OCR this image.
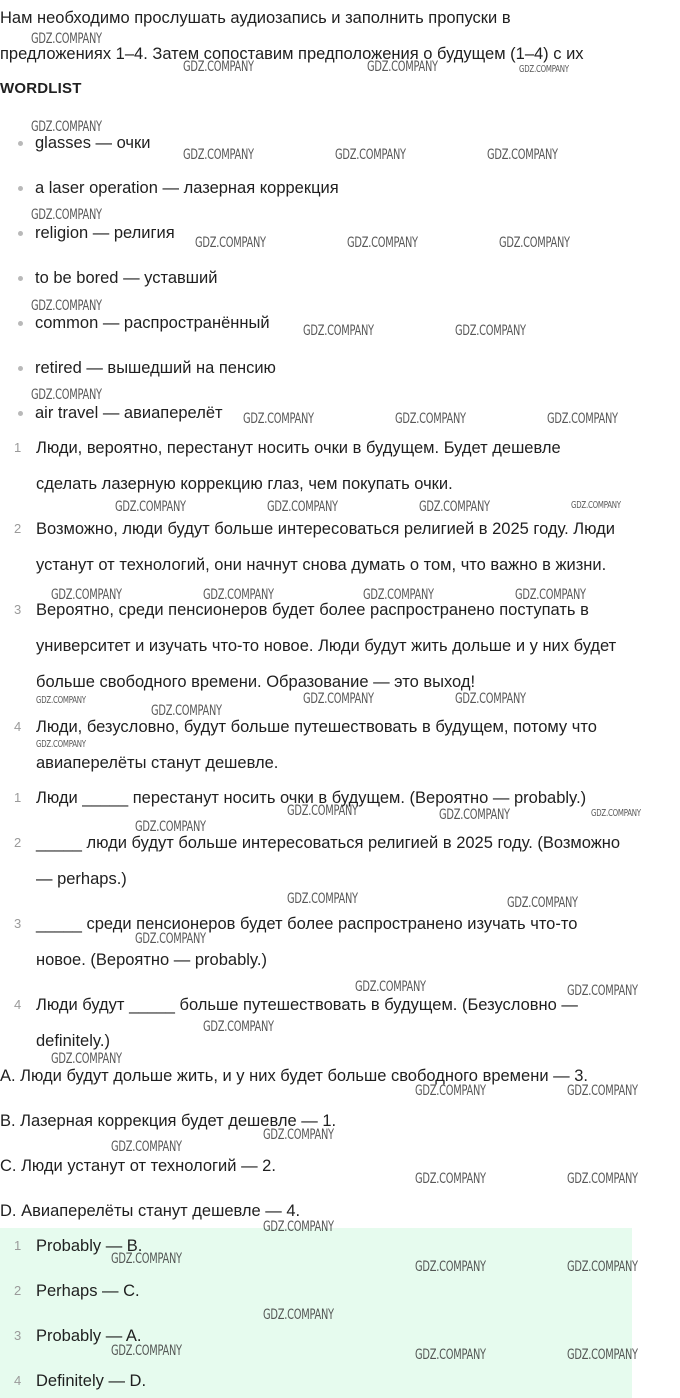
Нам необходимо прослушать аудиозапись и заполнить пропуски в
предложениях 1–4. Затем сопоставим предположения о будущем (1–4) с их
WORDLIST
glasses — очки
a laser operation — лазерная коррекция
religion — религия
to be bored — уставший
common — распространённый
retired — вышедший на пенсию
air travel — авиаперелёт
1 Люди, вероятно, перестанут носить очки в будущем. Будет дешевле
сделать лазерную коррекцию глаз, чем покупать очки.
2 Возможно, люди будут больше интересоваться религией в 2025 году. Люди
устанут от технологий, они начнут снова думать о том, что важно в жизни.
3 Вероятно, среди пенсионеров будет более распространено поступать в
университет и изучать что-то новое. Люди будут жить дольше и у них будет
больше свободного времени. Образование — это выход!
4 Люди, безусловно, будут больше путешествовать в будущем, потому что
авиаперелёты станут дешевле.
1 Люди _____ перестанут носить очки в будущем. (Вероятно — probably.)
2 _____ люди будут больше интересоваться религией в 2025 году. (Возможно
— perhaps.)
3 _____ среди пенсионеров будет более распространено изучать что-то
новое. (Вероятно — probably.)
4 Люди будут _____ больше путешествовать в будущем. (Безусловно —
definitely.)
A. Люди будут дольше жить, и у них будет больше свободного времени — 3.
B. Лазерная коррекция будет дешевле — 1.
C. Люди устанут от технологий — 2.
D. Авиаперелёты станут дешевле — 4.
1 Probably — B.
2 Perhaps — C.
3 Probably — A.
4 Definitely — D.
GDZ.COMPANY
GDZ.COMPANY	GDZ.COMPANY	GDZ.COMPANY
GDZ.COMPANY
GDZ.COMPANY	GDZ.COMPANY	GDZ.COMPANY
GDZ.COMPANY
GDZ.COMPANY	GDZ.COMPANY	GDZ.COMPANY
GDZ.COMPANY
GDZ.COMPANY	GDZ.COMPANY
GDZ.COMPANY
GDZ.COMPANY	GDZ.COMPANY	GDZ.COMPANY
GDZ.COMPANY	GDZ.COMPANY	GDZ.COMPANY	GDZ.COMPANY
GDZ.COMPANY	GDZ.COMPANY	GDZ.COMPANY	GDZ.COMPANY
GDZ.COMPANY	GDZ.COMPANY	GDZ.COMPANY
GDZ.COMPANY
GDZ.COMPANY
GDZ.COMPANY	GDZ.COMPANY	GDZ.COMPANY
GDZ.COMPANY
GDZ.COMPANY	GDZ.COMPANY
GDZ.COMPANY
GDZ.COMPANY	GDZ.COMPANY
GDZ.COMPANY
GDZ.COMPANY
GDZ.COMPANY	GDZ.COMPANY
GDZ.COMPANY
GDZ.COMPANY
GDZ.COMPANY	GDZ.COMPANY
GDZ.COMPANY
GDZ.COMPANY	GDZ.COMPANY	GDZ.COMPANY
GDZ.COMPANY
GDZ.COMPANY	GDZ.COMPANY	GDZ.COMPANY
